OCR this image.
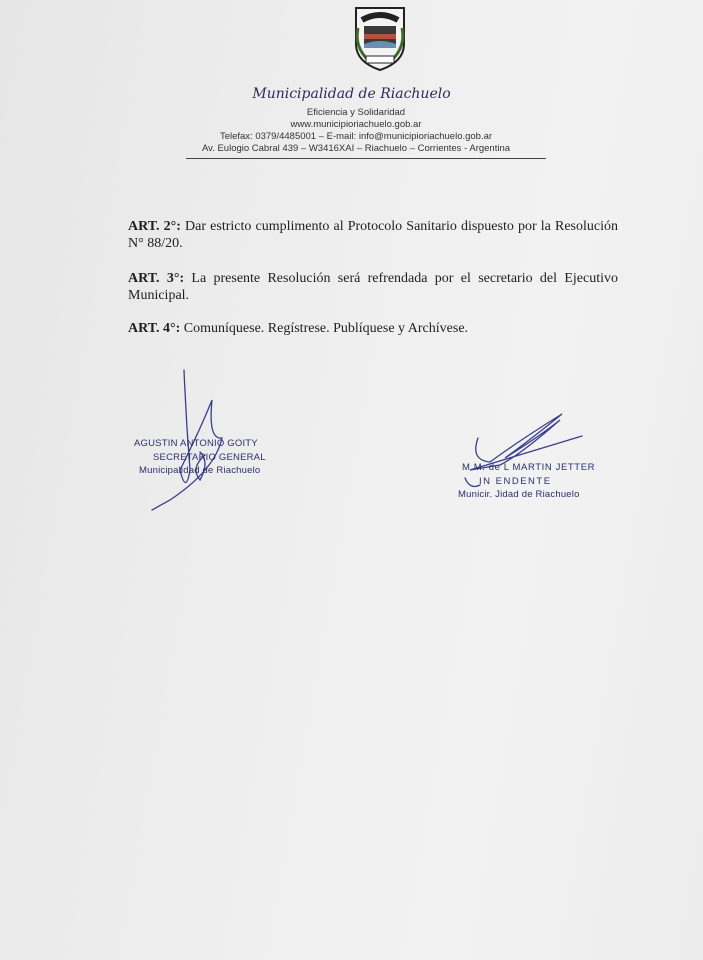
Municipalidad de Riachuelo
Eficiencia y Solidaridad
www.municipioriachuelo.gob.ar
Telefax: 0379/4485001 – E-mail: info@municipioriachuelo.gob.ar
Av. Eulogio Cabral 439 – W3416XAI – Riachuelo – Corrientes - Argentina
ART. 2°: Dar estricto cumplimento al Protocolo Sanitario dispuesto por la Resolución N° 88/20.
ART. 3°: La presente Resolución será refrendada por el secretario del Ejecutivo Municipal.
ART. 4°: Comuníquese. Regístrese. Publíquese y Archívese.
AGUSTIN ANTONIO GOITY
SECRETARIO GENERAL
Municipalidad de Riachuelo	M.M. de L MARTIN JETTER
IN ENDENTE
Municir. Jidad de Riachuelo
